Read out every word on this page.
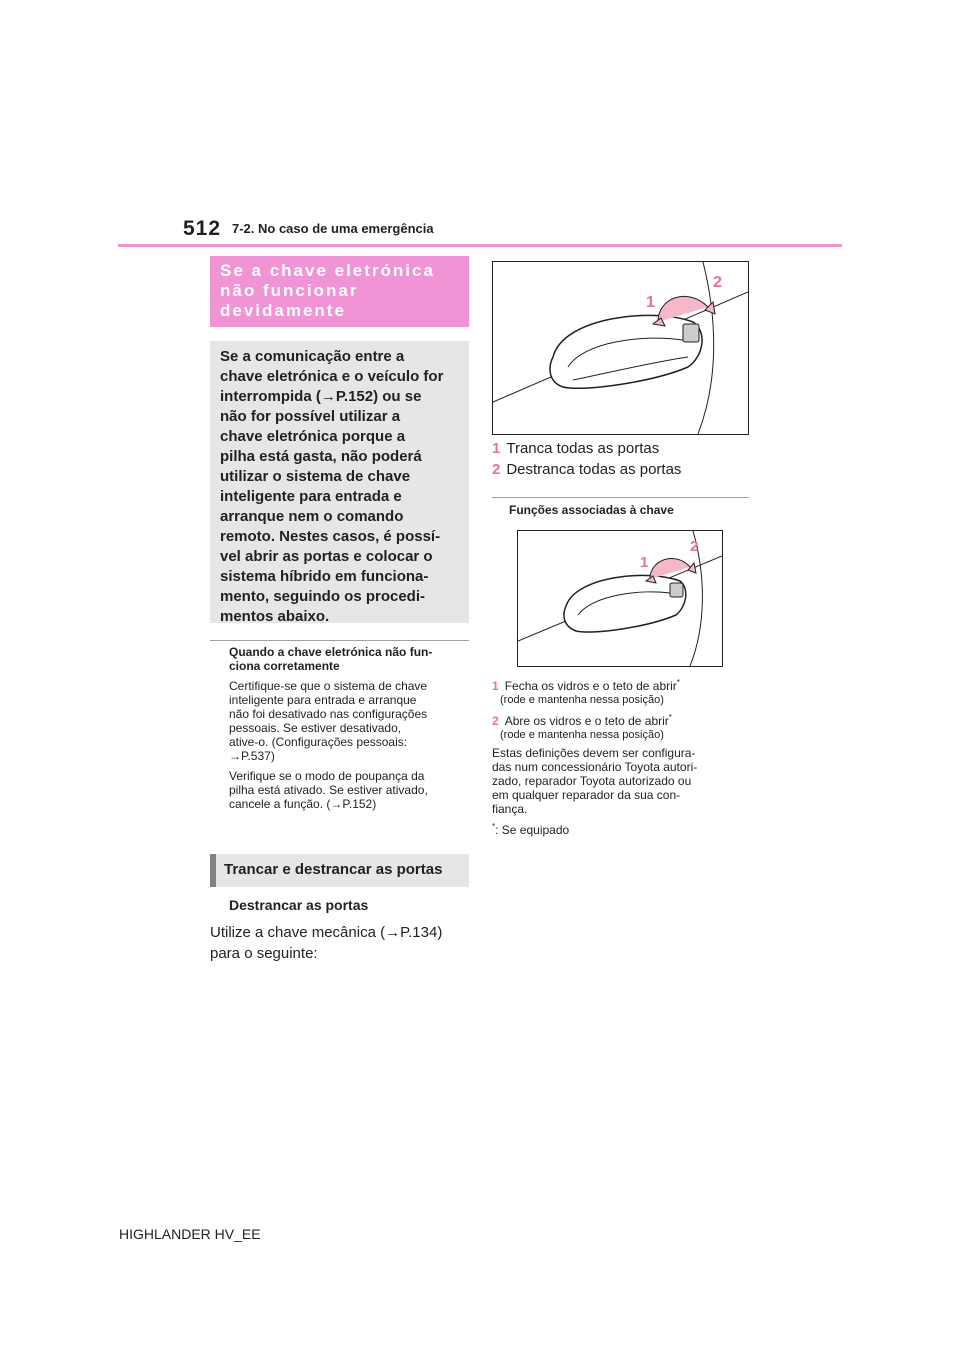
512 7-2. No caso de uma emergência
Se a chave eletrónica
não funcionar
devidamente
Se a comunicação entre a
chave eletrónica e o veículo for
interrompida (→P.152) ou se
não for possível utilizar a
chave eletrónica porque a
pilha está gasta, não poderá
utilizar o sistema de chave
inteligente para entrada e
arranque nem o comando
remoto. Nestes casos, é possí-
vel abrir as portas e colocar o
sistema híbrido em funciona-
mento, seguindo os procedi-
mentos abaixo.
Quando a chave eletrónica não fun-
ciona corretamente

Certifique-se que o sistema de chave
inteligente para entrada e arranque
não foi desativado nas configurações
pessoais. Se estiver desativado,
ative-o. (Configurações pessoais:
→P.537)

Verifique se o modo de poupança da
pilha está ativado. Se estiver ativado,
cancele a função. (→P.152)

Trancar e destrancar as portas
Destrancar as portas
Utilize a chave mecânica (→P.134)
para o seguinte:
1
2
1 Tranca todas as portas
2 Destranca todas as portas
Funções associadas à chave
1
2
1 Fecha os vidros e o teto de abrir*
(rode e mantenha nessa posição)
2 Abre os vidros e o teto de abrir*
(rode e mantenha nessa posição)

Estas definições devem ser configura-
das num concessionário Toyota autori-
zado, reparador Toyota autorizado ou
em qualquer reparador da sua con-
fiança.

*: Se equipado

HIGHLANDER HV_EE
